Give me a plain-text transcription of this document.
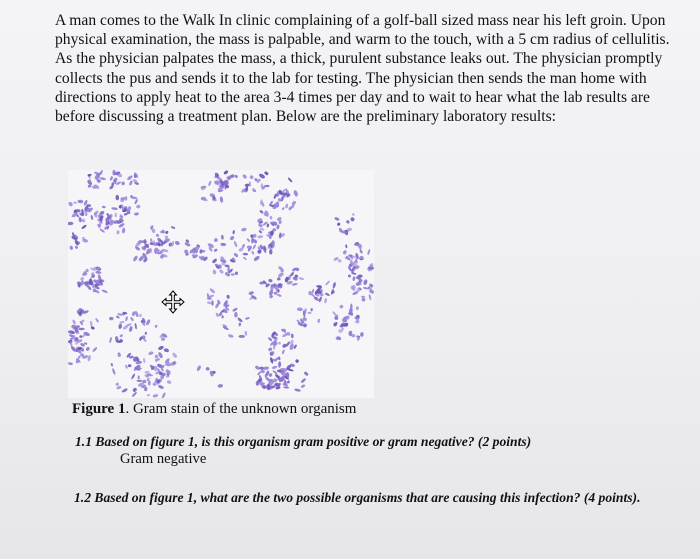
A man comes to the Walk In clinic complaining of a golf-ball sized mass near his left groin. Upon physical examination, the mass is palpable, and warm to the touch, with a 5 cm radius of cellulitis. As the physician palpates the mass, a thick, purulent substance leaks out. The physician promptly collects the pus and sends it to the lab for testing. The physician then sends the man home with directions to apply heat to the area 3-4 times per day and to wait to hear what the lab results are before discussing a treatment plan. Below are the preliminary laboratory results:

Figure 1. Gram stain of the unknown organism

1.1 Based on figure 1, is this organism gram positive or gram negative? (2 points)

Gram negative

1.2 Based on figure 1, what are the two possible organisms that are causing this infection? (4 points).
